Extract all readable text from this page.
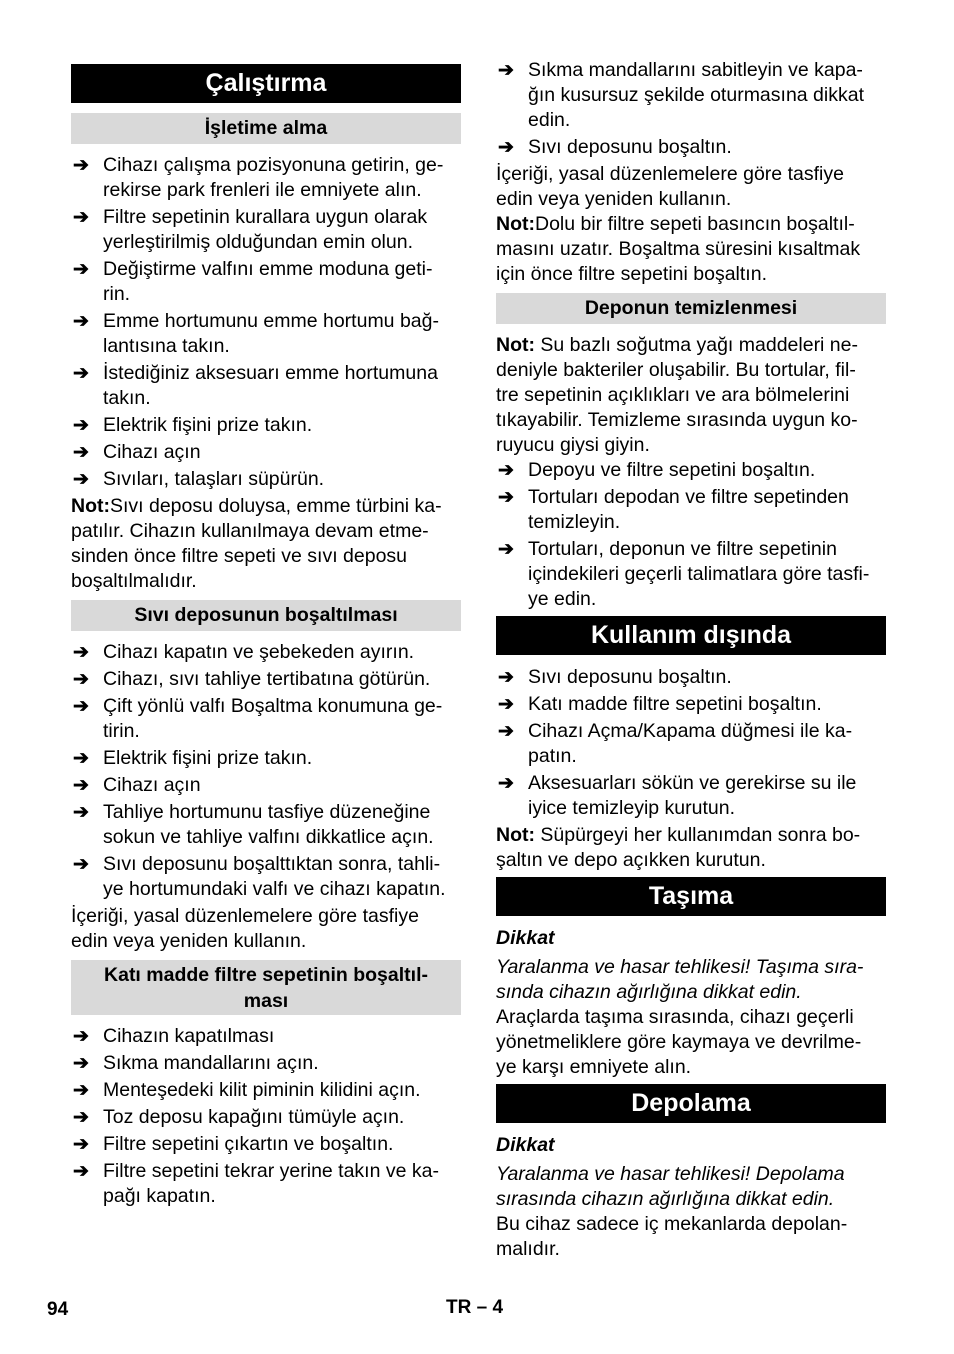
Çalıştırma
İşletime alma
➔ Cihazı çalışma pozisyonuna getirin, ge-
rekirse park frenleri ile emniyete alın.
➔ Filtre sepetinin kurallara uygun olarak
yerleştirilmiş olduğundan emin olun.
➔ Değiştirme valfını emme moduna geti-
rin.
➔ Emme hortumunu emme hortumu bağ-
lantısına takın.
➔ İstediğiniz aksesuarı emme hortumuna
takın.
➔ Elektrik fişini prize takın.
➔ Cihazı açın
➔ Sıvıları, talaşları süpürün.
Not:Sıvı deposu doluysa, emme türbini ka-
patılır. Cihazın kullanılmaya devam etme-
sinden önce filtre sepeti ve sıvı deposu
boşaltılmalıdır.
Sıvı deposunun boşaltılması
➔ Cihazı kapatın ve şebekeden ayırın.
➔ Cihazı, sıvı tahliye tertibatına götürün.
➔ Çift yönlü valfı Boşaltma konumuna ge-
tirin.
➔ Elektrik fişini prize takın.
➔ Cihazı açın
➔ Tahliye hortumunu tasfiye düzeneğine
sokun ve tahliye valfını dikkatlice açın.
➔ Sıvı deposunu boşalttıktan sonra, tahli-
ye hortumundaki valfı ve cihazı kapatın.
İçeriği, yasal düzenlemelere göre tasfiye
edin veya yeniden kullanın.
Katı madde filtre sepetinin boşaltıl-
ması
➔ Cihazın kapatılması
➔ Sıkma mandallarını açın.
➔ Menteşedeki kilit piminin kilidini açın.
➔ Toz deposu kapağını tümüyle açın.
➔ Filtre sepetini çıkartın ve boşaltın.
➔ Filtre sepetini tekrar yerine takın ve ka-
pağı kapatın.
➔ Sıkma mandallarını sabitleyin ve kapa-
ğın kusursuz şekilde oturmasına dikkat
edin.
➔ Sıvı deposunu boşaltın.
İçeriği, yasal düzenlemelere göre tasfiye
edin veya yeniden kullanın.
Not:Dolu bir filtre sepeti basıncın boşaltıl-
masını uzatır. Boşaltma süresini kısaltmak
için önce filtre sepetini boşaltın.
Deponun temizlenmesi
Not: Su bazlı soğutma yağı maddeleri ne-
deniyle bakteriler oluşabilir. Bu tortular, fil-
tre sepetinin açıklıkları ve ara bölmelerini
tıkayabilir. Temizleme sırasında uygun ko-
ruyucu giysi giyin.
➔ Depoyu ve filtre sepetini boşaltın.
➔ Tortuları depodan ve filtre sepetinden
temizleyin.
➔ Tortuları, deponun ve filtre sepetinin
içindekileri geçerli talimatlara göre tasfi-
ye edin.
Kullanım dışında
➔ Sıvı deposunu boşaltın.
➔ Katı madde filtre sepetini boşaltın.
➔ Cihazı Açma/Kapama düğmesi ile ka-
patın.
➔ Aksesuarları sökün ve gerekirse su ile
iyice temizleyip kurutun.
Not: Süpürgeyi her kullanımdan sonra bo-
şaltın ve depo açıkken kurutun.
Taşıma
Dikkat
Yaralanma ve hasar tehlikesi! Taşıma sıra-
sında cihazın ağırlığına dikkat edin.
Araçlarda taşıma sırasında, cihazı geçerli
yönetmeliklere göre kaymaya ve devrilme-
ye karşı emniyete alın.
Depolama
Dikkat
Yaralanma ve hasar tehlikesi! Depolama
sırasında cihazın ağırlığına dikkat edin.
Bu cihaz sadece iç mekanlarda depolan-
malıdır.
94	TR – 4
